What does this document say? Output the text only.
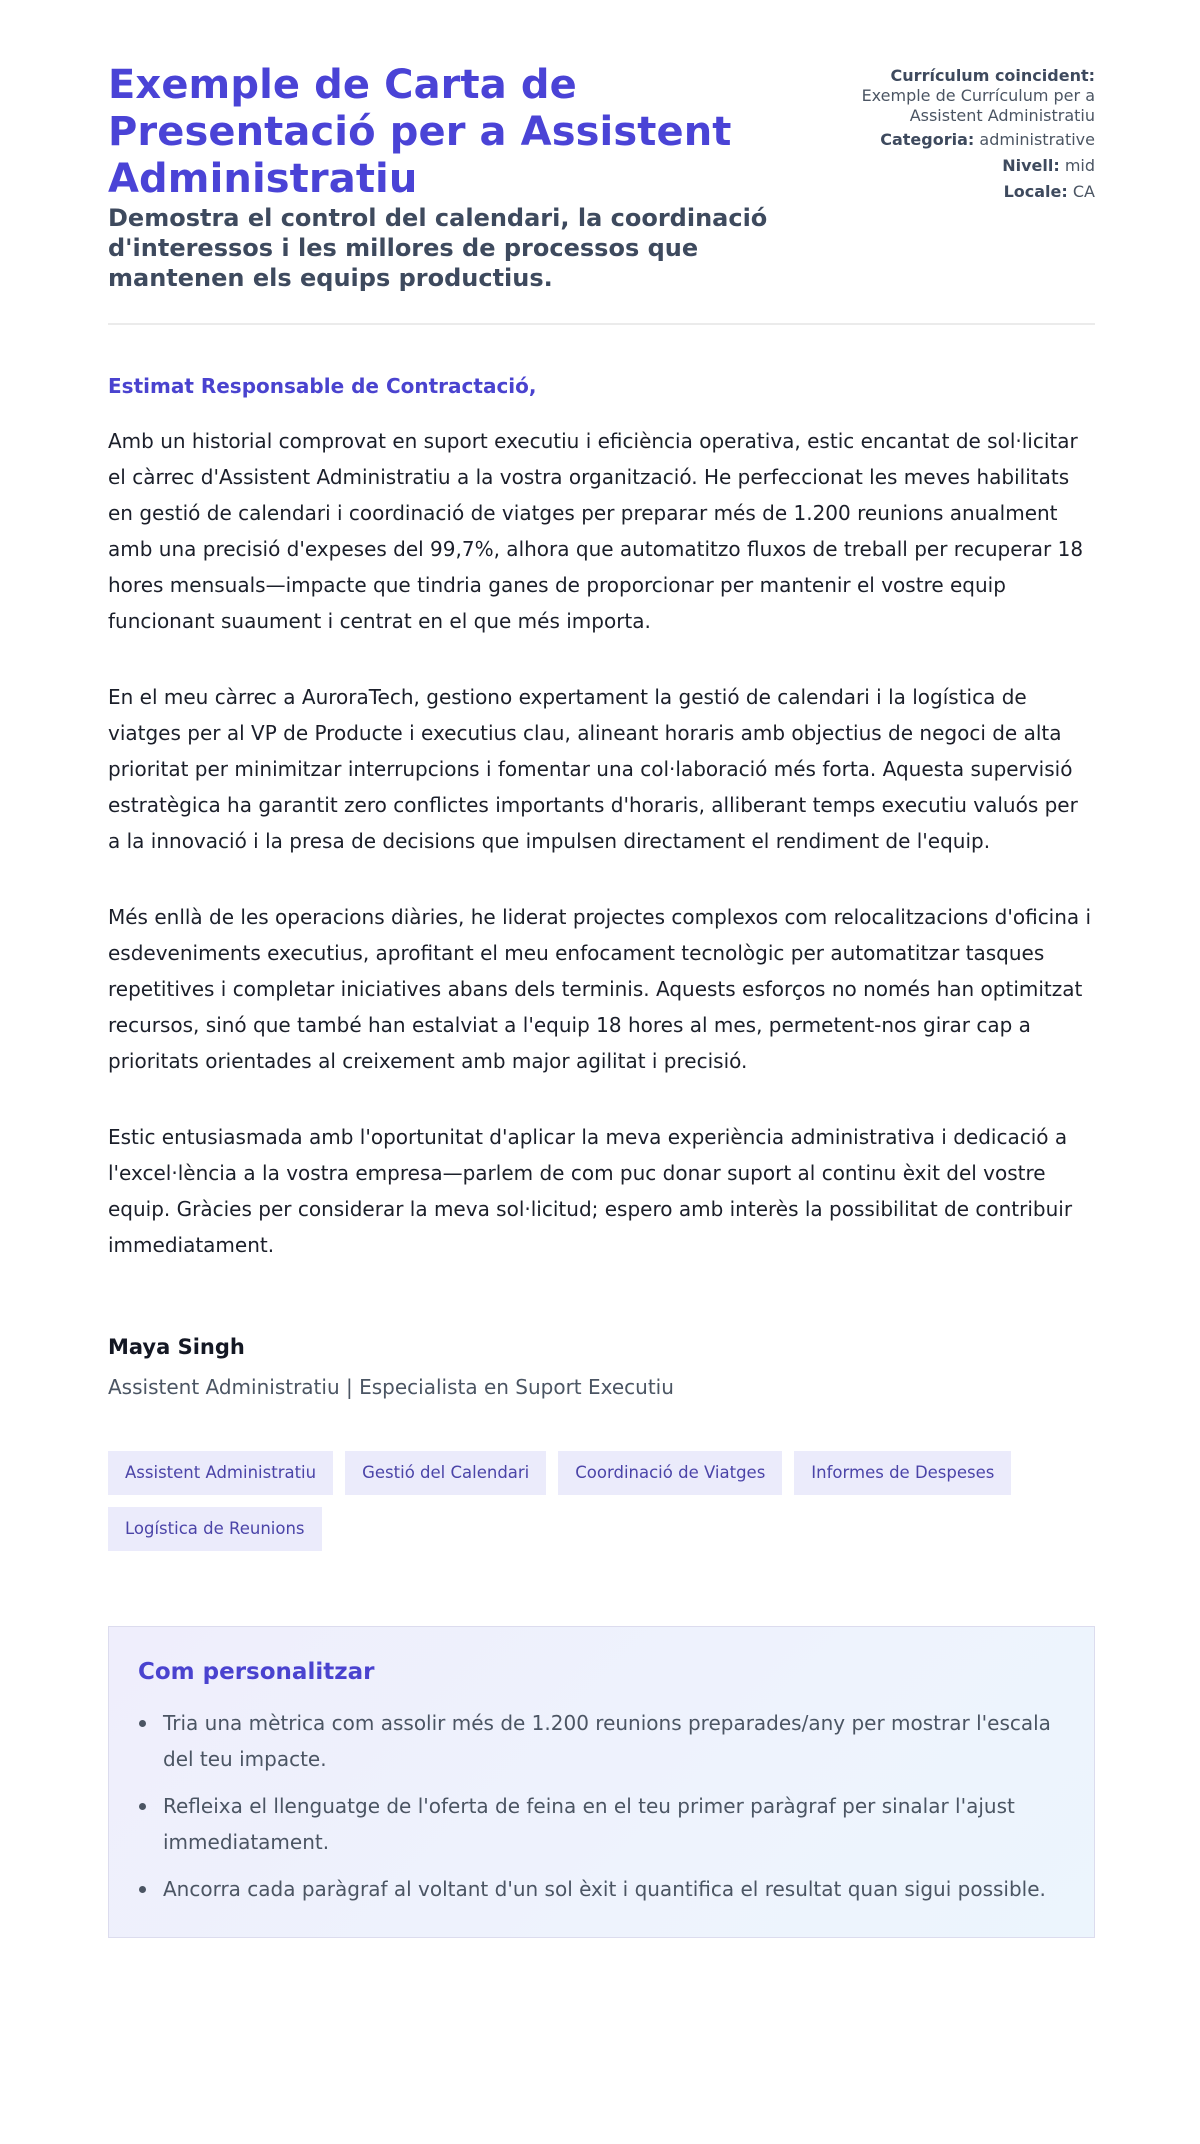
Exemple de Carta de Presentació per a Assistent Administratiu
Demostra el control del calendari, la coordinació d'interessos i les millores de processos que mantenen els equips productius.
Currículum coincident:
Exemple de Currículum per a Assistent Administratiu
Categoria: administrative
Nivell: mid
Locale: CA

Estimat Responsable de Contractació,

Amb un historial comprovat en suport executiu i eficiència operativa, estic encantat de sol·licitar el càrrec d'Assistent Administratiu a la vostra organització. He perfeccionat les meves habilitats en gestió de calendari i coordinació de viatges per preparar més de 1.200 reunions anualment amb una precisió d'expeses del 99,7%, alhora que automatitzo fluxos de treball per recuperar 18 hores mensuals—impacte que tindria ganes de proporcionar per mantenir el vostre equip funcionant suaument i centrat en el que més importa.

En el meu càrrec a AuroraTech, gestiono expertament la gestió de calendari i la logística de viatges per al VP de Producte i executius clau, alineant horaris amb objectius de negoci de alta prioritat per minimitzar interrupcions i fomentar una col·laboració més forta. Aquesta supervisió estratègica ha garantit zero conflictes importants d'horaris, alliberant temps executiu valuós per a la innovació i la presa de decisions que impulsen directament el rendiment de l'equip.

Més enllà de les operacions diàries, he liderat projectes complexos com relocalitzacions d'oficina i esdeveniments executius, aprofitant el meu enfocament tecnològic per automatitzar tasques repetitives i completar iniciatives abans dels terminis. Aquests esforços no només han optimitzat recursos, sinó que també han estalviat a l'equip 18 hores al mes, permetent-nos girar cap a prioritats orientades al creixement amb major agilitat i precisió.

Estic entusiasmada amb l'oportunitat d'aplicar la meva experiència administrativa i dedicació a l'excel·lència a la vostra empresa—parlem de com puc donar suport al continu èxit del vostre equip. Gràcies per considerar la meva sol·licitud; espero amb interès la possibilitat de contribuir immediatament.

Maya Singh
Assistent Administratiu | Especialista en Suport Executiu
Assistent Administratiu	Gestió del Calendari	Coordinació de Viatges	Informes de Despeses
Logística de Reunions
Com personalitzar
Tria una mètrica com assolir més de 1.200 reunions preparades/any per mostrar l'escala del teu impacte.
Refleixa el llenguatge de l'oferta de feina en el teu primer paràgraf per sinalar l'ajust immediatament.
Ancorra cada paràgraf al voltant d'un sol èxit i quantifica el resultat quan sigui possible.
